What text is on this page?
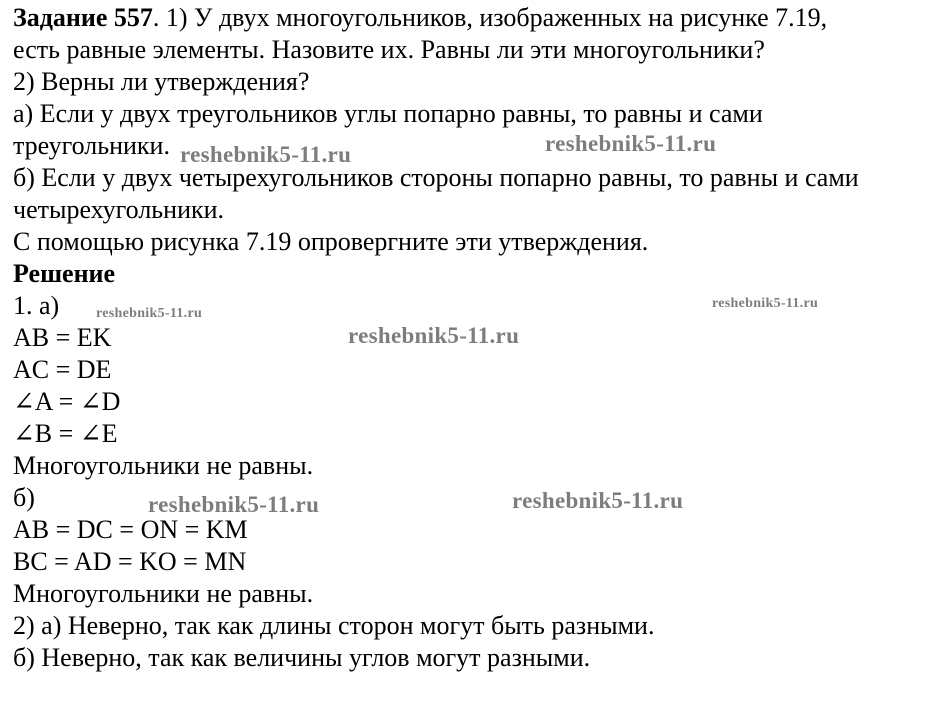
Задание 557. 1) У двух многоугольников, изображенных на рисунке 7.19,
есть равные элементы. Назовите их. Равны ли эти многоугольники?
2) Верны ли утверждения?
а) Если у двух треугольников углы попарно равны, то равны и сами
треугольники.
б) Если у двух четырехугольников стороны попарно равны, то равны и сами
четырехугольники.
С помощью рисунка 7.19 опровергните эти утверждения.
Решение
1. а)
AB = EK
AC = DE
∠A = ∠D
∠B = ∠E
Многоугольники не равны.
б)
AB = DC = ON = KM
BC = AD = KO = MN
Многоугольники не равны.
2) а) Неверно, так как длины сторон могут быть разными.
б) Неверно, так как величины углов могут разными.
reshebnik5-11.ru	reshebnik5-11.ru
reshebnik5-11.ru
reshebnik5-11.ru
reshebnik5-11.ru
reshebnik5-11.ru	reshebnik5-11.ru
